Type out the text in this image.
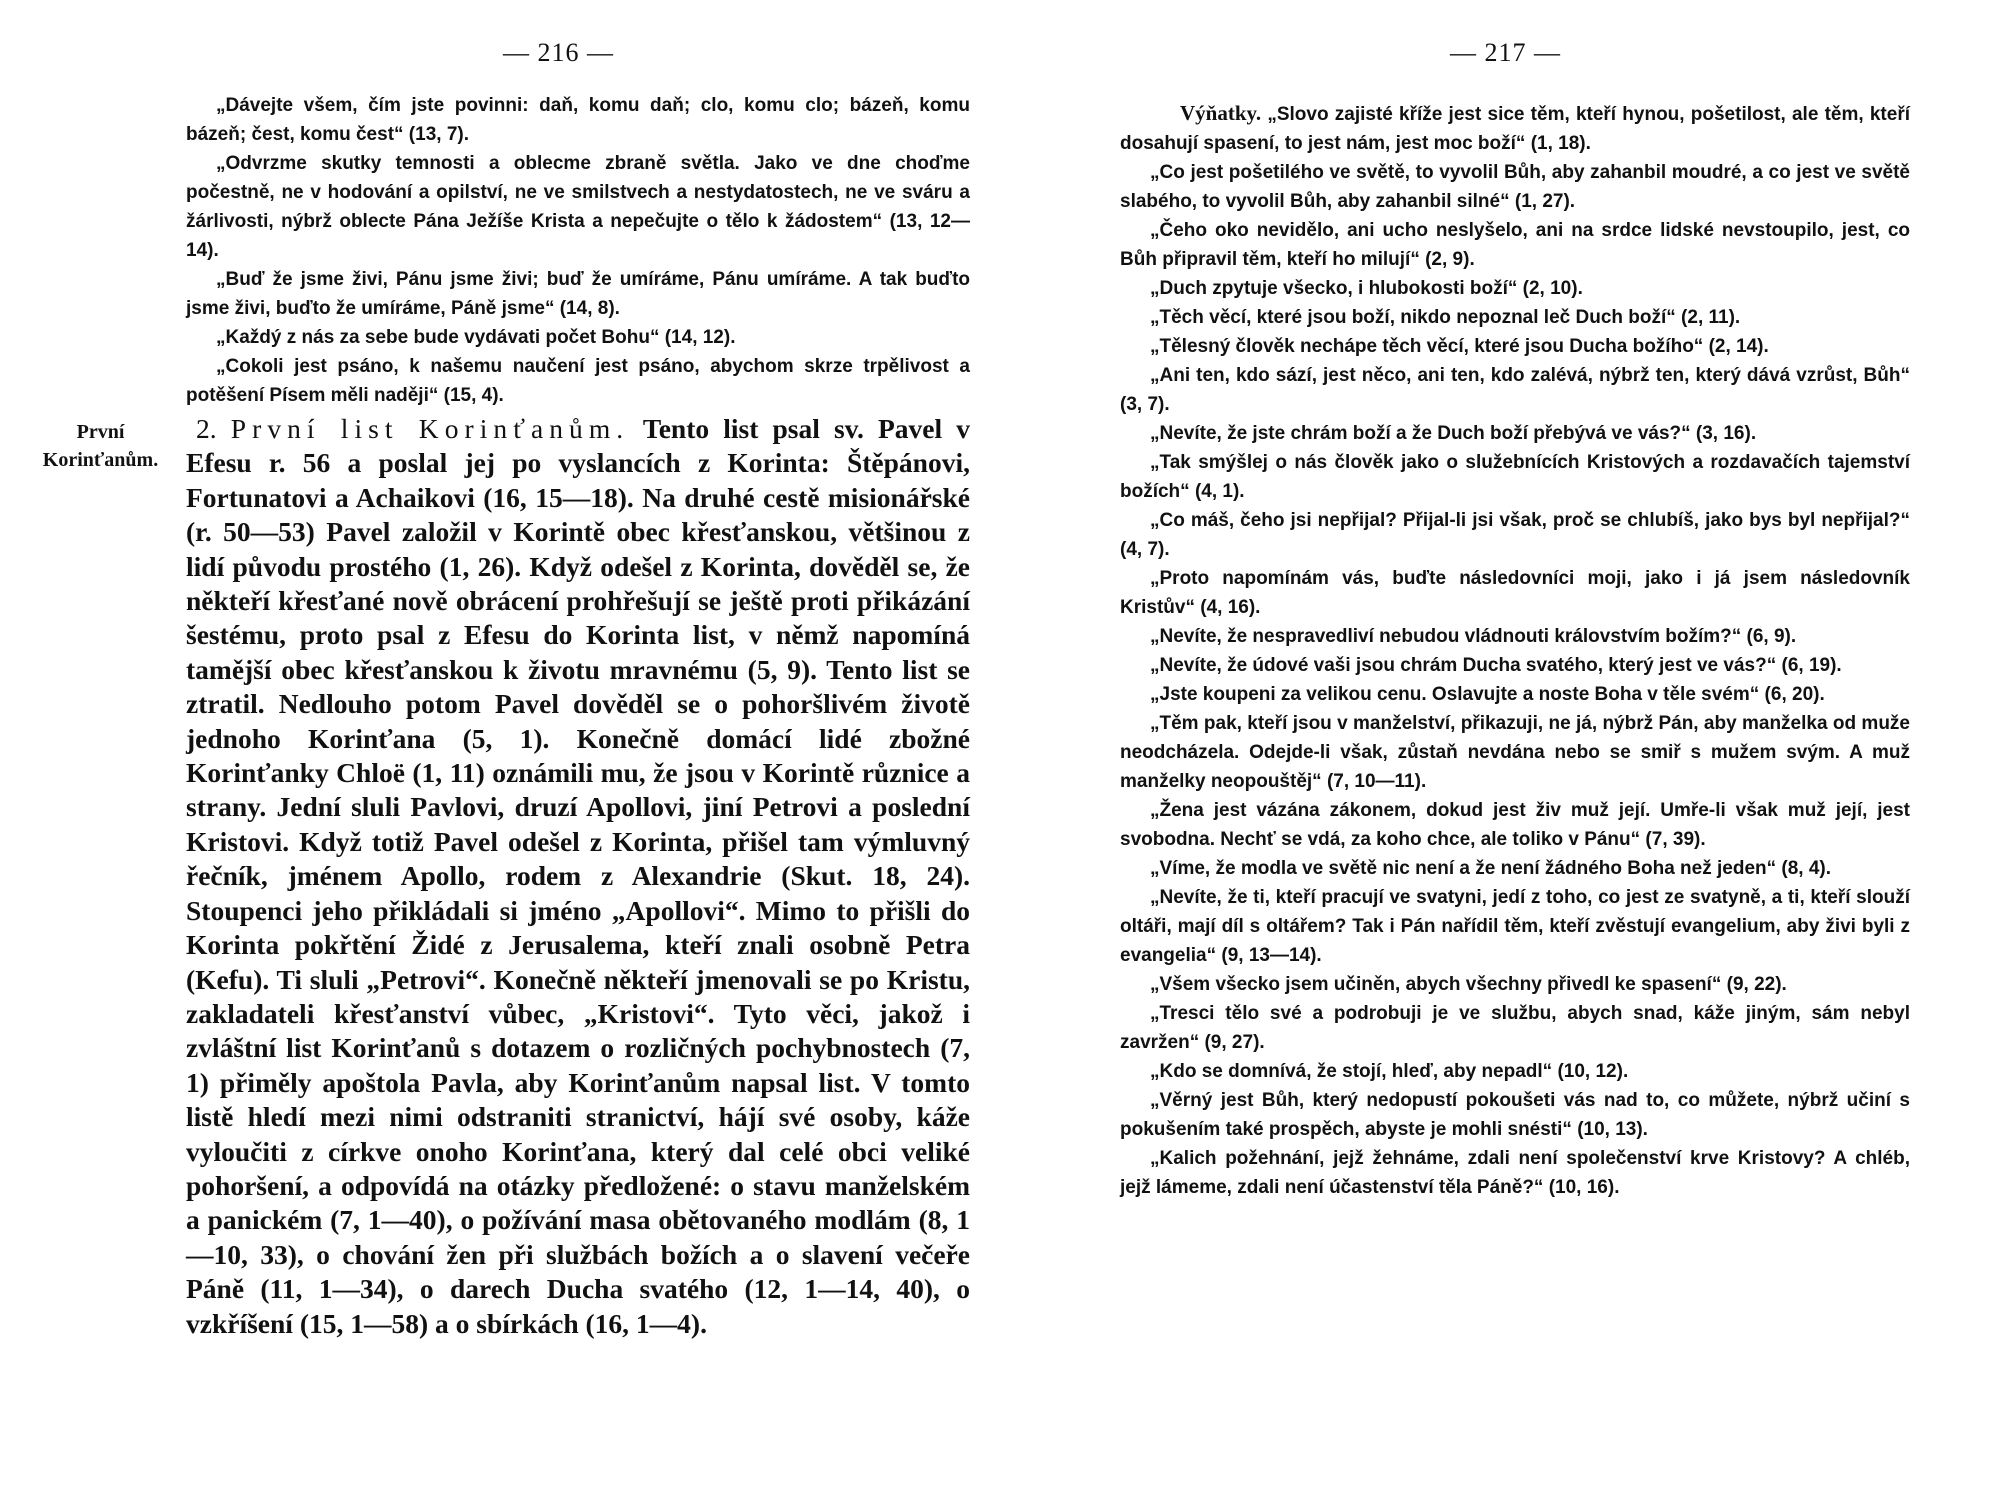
— 216 —

„Dávejte všem, čím jste povinni: daň, komu daň; clo, komu clo; bázeň, komu bázeň; čest, komu čest“ (13, 7).

„Odvrzme skutky temnosti a oblecme zbraně světla. Jako ve dne choďme počestně, ne v hodování a opilství, ne ve smilstvech a nestydatostech, ne ve sváru a žárlivosti, nýbrž oblecte Pána Ježíše Krista a nepečujte o tělo k žádostem“ (13, 12—14).

„Buď že jsme živi, Pánu jsme živi; buď že umíráme, Pánu umíráme. A tak buďto jsme živi, buďto že umíráme, Páně jsme“ (14, 8).

„Každý z nás za sebe bude vydávati počet Bohu“ (14, 12).

„Cokoli jest psáno, k našemu naučení jest psáno, abychom skrze trpělivost a potěšení Písem měli naději“ (15, 4).

První
Korinťanům.

2. První list Korinťanům. Tento list psal sv. Pavel v Efesu r. 56 a poslal jej po vyslancích z Korinta: Štěpánovi, Fortunatovi a Achaikovi (16, 15—18). Na druhé cestě misionářské (r. 50—53) Pavel založil v Korintě obec křesťanskou, většinou z lidí původu prostého (1, 26). Když odešel z Korinta, dověděl se, že někteří křesťané nově obrácení prohřešují se ještě proti přikázání šestému, proto psal z Efesu do Korinta list, v němž napomíná tamější obec křesťanskou k životu mravnému (5, 9). Tento list se ztratil. Nedlouho potom Pavel dověděl se o pohoršlivém životě jednoho Korinťana (5, 1). Konečně domácí lidé zbožné Korinťanky Chloë (1, 11) oznámili mu, že jsou v Korintě různice a strany. Jední sluli Pavlovi, druzí Apollovi, jiní Petrovi a poslední Kristovi. Když totiž Pavel odešel z Korinta, přišel tam výmluvný řečník, jménem Apollo, rodem z Alexandrie (Skut. 18, 24). Stoupenci jeho přikládali si jméno „Apollovi“. Mimo to přišli do Korinta pokřtění Židé z Jerusalema, kteří znali osobně Petra (Kefu). Ti sluli „Petrovi“. Konečně někteří jmenovali se po Kristu, zakladateli křesťanství vůbec, „Kristovi“. Tyto věci, jakož i zvláštní list Korinťanů s dotazem o rozličných pochybnostech (7, 1) přiměly apoštola Pavla, aby Korinťanům napsal list. V tomto listě hledí mezi nimi odstraniti stranictví, hájí své osoby, káže vyloučiti z církve onoho Korinťana, který dal celé obci veliké pohoršení, a odpovídá na otázky předložené: o stavu manželském a panickém (7, 1—40), o požívání masa obětovaného modlám (8, 1—10, 33), o chování žen při službách božích a o slavení večeře Páně (11, 1—34), o darech Ducha svatého (12, 1—14, 40), o vzkříšení (15, 1—58) a o sbírkách (16, 1—4).

— 217 —

Výňatky. „Slovo zajisté kříže jest sice těm, kteří hynou, pošetilost, ale těm, kteří dosahují spasení, to jest nám, jest moc boží“ (1, 18).

„Co jest pošetilého ve světě, to vyvolil Bůh, aby zahanbil moudré, a co jest ve světě slabého, to vyvolil Bůh, aby zahanbil silné“ (1, 27).

„Čeho oko nevidělo, ani ucho neslyšelo, ani na srdce lidské nevstoupilo, jest, co Bůh připravil těm, kteří ho milují“ (2, 9).

„Duch zpytuje všecko, i hlubokosti boží“ (2, 10).

„Těch věcí, které jsou boží, nikdo nepoznal leč Duch boží“ (2, 11).

„Tělesný člověk nechápe těch věcí, které jsou Ducha božího“ (2, 14).

„Ani ten, kdo sází, jest něco, ani ten, kdo zalévá, nýbrž ten, který dává vzrůst, Bůh“ (3, 7).

„Nevíte, že jste chrám boží a že Duch boží přebývá ve vás?“ (3, 16).

„Tak smýšlej o nás člověk jako o služebnících Kristových a rozdavačích tajemství božích“ (4, 1).

„Co máš, čeho jsi nepřijal? Přijal-li jsi však, proč se chlubíš, jako bys byl nepřijal?“ (4, 7).

„Proto napomínám vás, buďte následovníci moji, jako i já jsem následovník Kristův“ (4, 16).

„Nevíte, že nespravedliví nebudou vládnouti královstvím božím?“ (6, 9).

„Nevíte, že údové vaši jsou chrám Ducha svatého, který jest ve vás?“ (6, 19).

„Jste koupeni za velikou cenu. Oslavujte a noste Boha v těle svém“ (6, 20).

„Těm pak, kteří jsou v manželství, přikazuji, ne já, nýbrž Pán, aby manželka od muže neodcházela. Odejde-li však, zůstaň nevdána nebo se smiř s mužem svým. A muž manželky neopouštěj“ (7, 10—11).

„Žena jest vázána zákonem, dokud jest živ muž její. Umře-li však muž její, jest svobodna. Nechť se vdá, za koho chce, ale toliko v Pánu“ (7, 39).

„Víme, že modla ve světě nic není a že není žádného Boha než jeden“ (8, 4).

„Nevíte, že ti, kteří pracují ve svatyni, jedí z toho, co jest ze svatyně, a ti, kteří slouží oltáři, mají díl s oltářem? Tak i Pán nařídil těm, kteří zvěstují evangelium, aby živi byli z evangelia“ (9, 13—14).

„Všem všecko jsem učiněn, abych všechny přivedl ke spasení“ (9, 22).

„Tresci tělo své a podrobuji je ve službu, abych snad, káže jiným, sám nebyl zavržen“ (9, 27).

„Kdo se domnívá, že stojí, hleď, aby nepadl“ (10, 12).

„Věrný jest Bůh, který nedopustí pokoušeti vás nad to, co můžete, nýbrž učiní s pokušením také prospěch, abyste je mohli snésti“ (10, 13).

„Kalich požehnání, jejž žehnáme, zdali není společenství krve Kristovy? A chléb, jejž lámeme, zdali není účastenství těla Páně?“ (10, 16).
